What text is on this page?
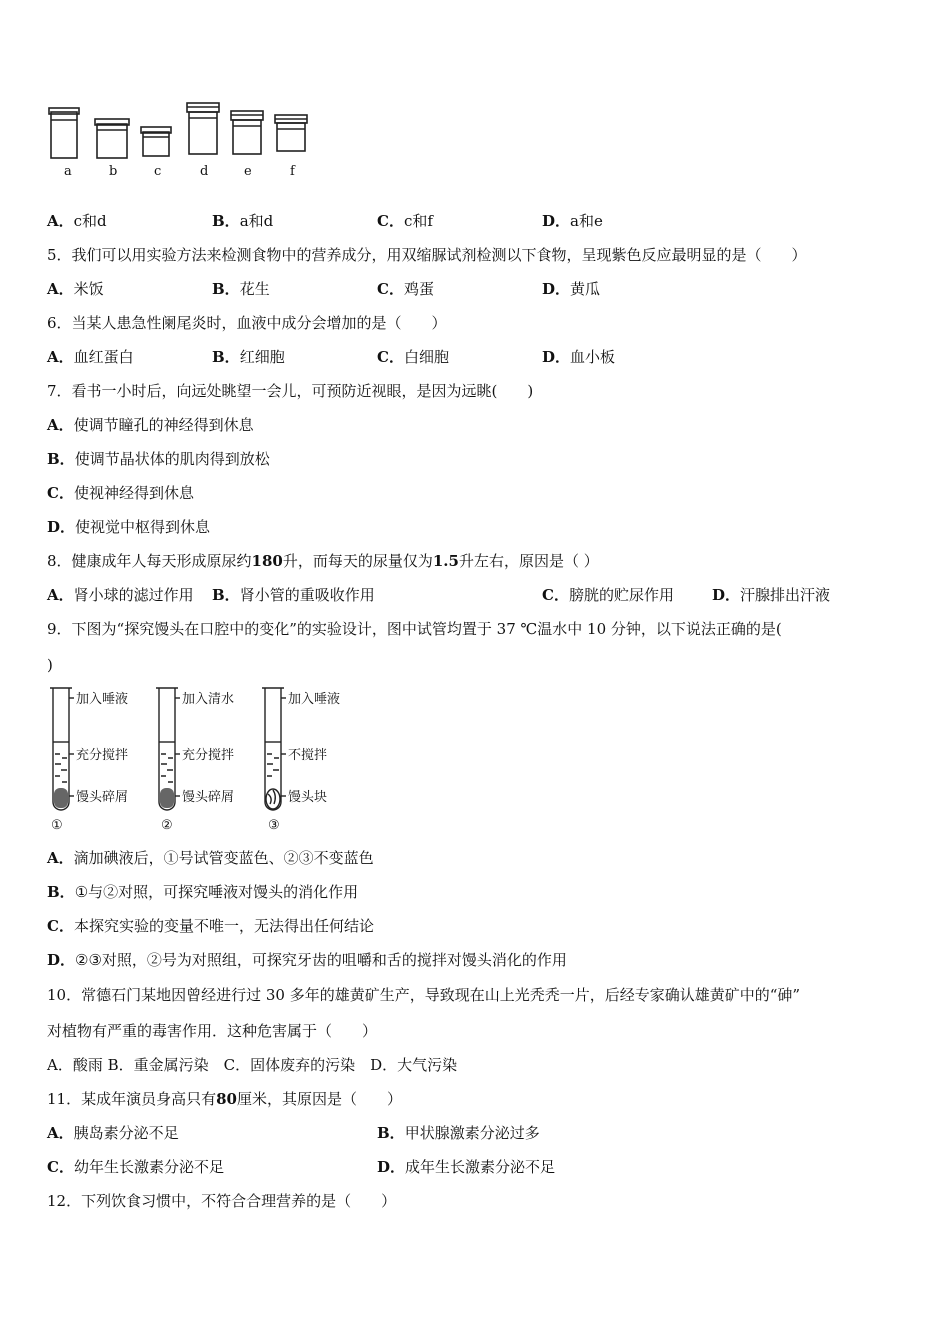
a	b	c	d	e	f
A．c和d	B．a和d	C．c和f	D．a和e
5．我们可以用实验方法来检测食物中的营养成分，用双缩脲试剂检测以下食物，呈现紫色反应最明显的是（　　）
A．米饭	B．花生	C．鸡蛋	D．黄瓜
6．当某人患急性阑尾炎时，血液中成分会增加的是（　　）
A．血红蛋白	B．红细胞	C．白细胞	D．血小板
7．看书一小时后，向远处眺望一会儿，可预防近视眼，是因为远眺(　　)
A．使调节瞳孔的神经得到休息
B．使调节晶状体的肌肉得到放松
C．使视神经得到休息
D．使视觉中枢得到休息
8．健康成年人每天形成原尿约180升，而每天的尿量仅为1.5升左右，原因是（ ）
A．肾小球的滤过作用 B．肾小管的重吸收作用	C．膀胱的贮尿作用	D．汗腺排出汗液
9．下图为“探究馒头在口腔中的变化”的实验设计，图中试管均置于 37 ℃温水中 10 分钟，以下说法正确的是(
)
加入唾液
充分搅拌
馒头碎屑
①
加入清水
充分搅拌
馒头碎屑
②
加入唾液
不搅拌
馒头块
③
A．滴加碘液后，①号试管变蓝色、②③不变蓝色
B．①与②对照，可探究唾液对馒头的消化作用
C．本探究实验的变量不唯一，无法得出任何结论
D．②③对照，②号为对照组，可探究牙齿的咀嚼和舌的搅拌对馒头消化的作用
10．常德石门某地因曾经进行过 30 多年的雄黄矿生产，导致现在山上光秃秃一片，后经专家确认雄黄矿中的“砷”
对植物有严重的毒害作用．这种危害属于（　　）
A．酸雨 B．重金属污染　C．固体废弃的污染　D．大气污染
11．某成年演员身高只有80厘米，其原因是（　　）
A．胰岛素分泌不足	B．甲状腺激素分泌过多
C．幼年生长激素分泌不足	D．成年生长激素分泌不足
12．下列饮食习惯中，不符合合理营养的是（　　）
